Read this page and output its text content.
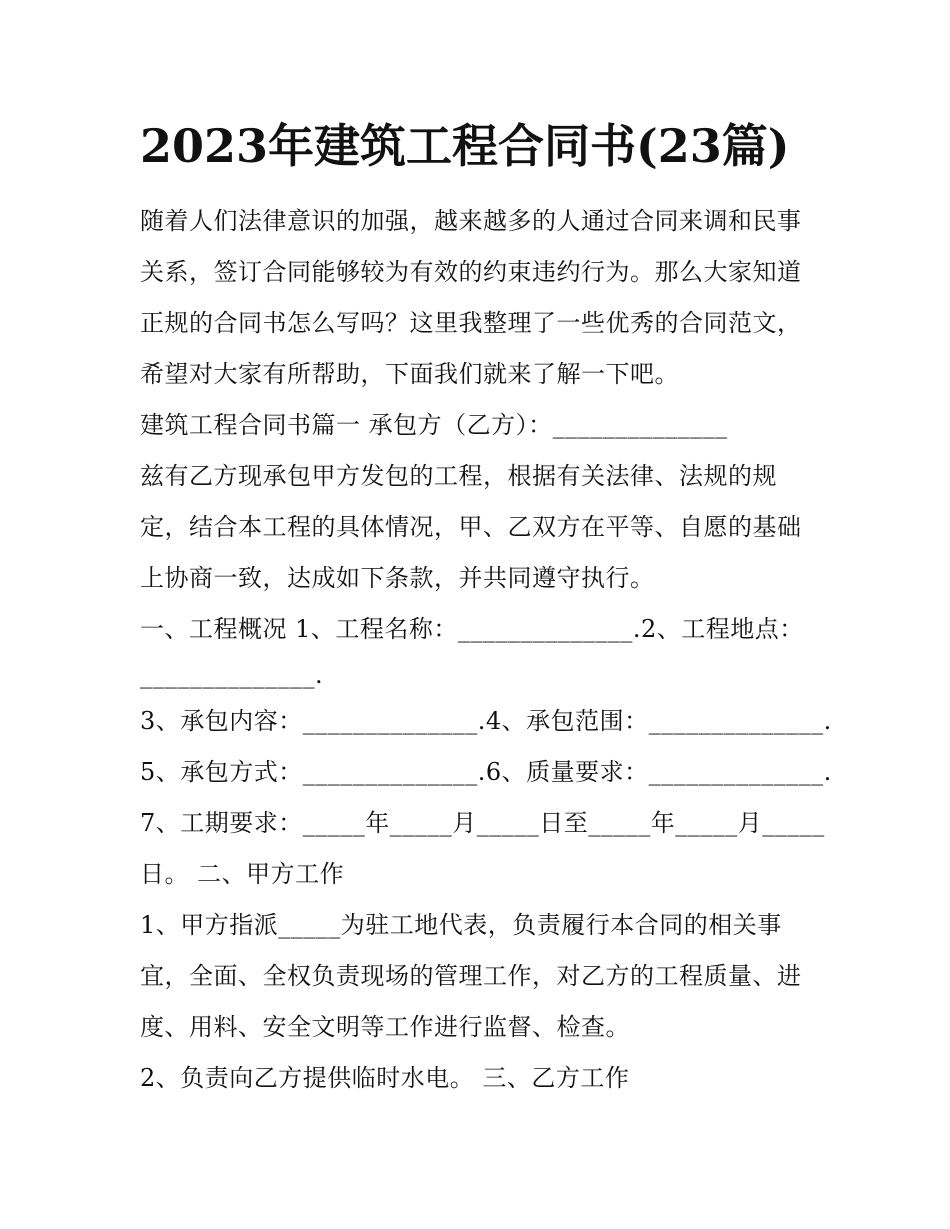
2023年建筑工程合同书(23篇)
随着人们法律意识的加强，越来越多的人通过合同来调和民事
关系，签订合同能够较为有效的约束违约行为。那么大家知道
正规的合同书怎么写吗？这里我整理了一些优秀的合同范文，
希望对大家有所帮助，下面我们就来了解一下吧。
建筑工程合同书篇一 承包方（乙方）：______________
兹有乙方现承包甲方发包的工程，根据有关法律、法规的规
定，结合本工程的具体情况，甲、乙双方在平等、自愿的基础
上协商一致，达成如下条款，并共同遵守执行。
一、工程概况 1、工程名称：______________.2、工程地点：
______________.
3、承包内容：______________.4、承包范围：______________.
5、承包方式：______________.6、质量要求：______________.
7、工期要求：_____年_____月_____日至_____年_____月_____
日。 二、甲方工作
1、甲方指派_____为驻工地代表，负责履行本合同的相关事
宜，全面、全权负责现场的管理工作，对乙方的工程质量、进
度、用料、安全文明等工作进行监督、检查。
2、负责向乙方提供临时水电。 三、乙方工作
